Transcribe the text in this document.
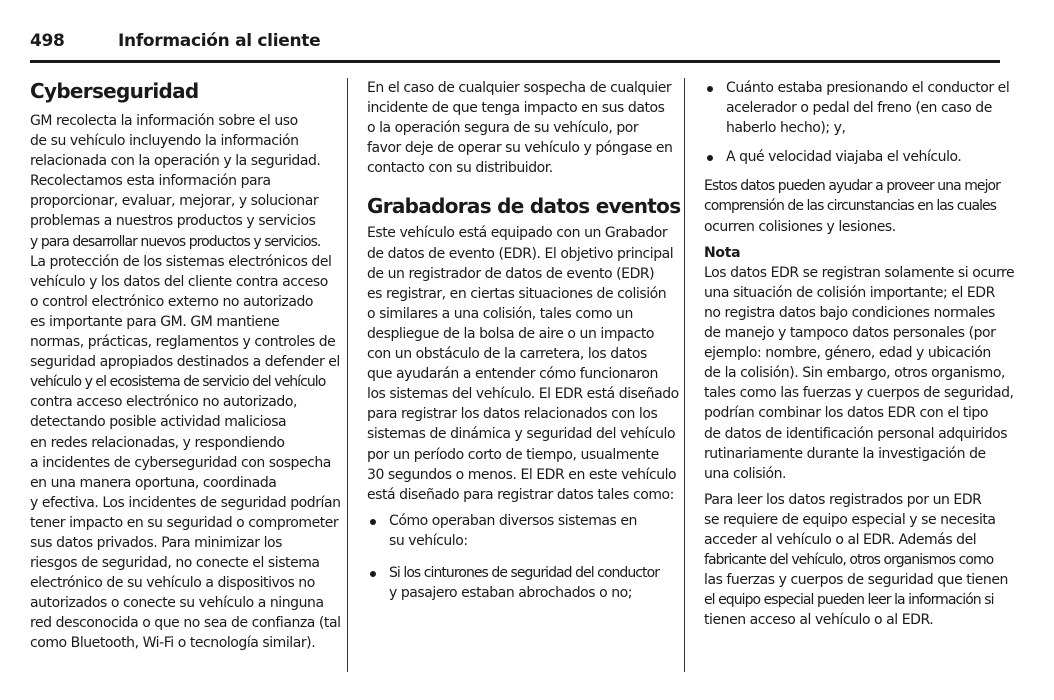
498	Información al cliente
Cyberseguridad
GM recolecta la información sobre el uso
de su vehículo incluyendo la información
relacionada con la operación y la seguridad.
Recolectamos esta información para
proporcionar, evaluar, mejorar, y solucionar
problemas a nuestros productos y servicios
y para desarrollar nuevos productos y servicios.
La protección de los sistemas electrónicos del
vehículo y los datos del cliente contra acceso
o control electrónico externo no autorizado
es importante para GM. GM mantiene
normas, prácticas, reglamentos y controles de
seguridad apropiados destinados a defender el
vehículo y el ecosistema de servicio del vehículo
contra acceso electrónico no autorizado,
detectando posible actividad maliciosa
en redes relacionadas, y respondiendo
a incidentes de cyberseguridad con sospecha
en una manera oportuna, coordinada
y efectiva. Los incidentes de seguridad podrían
tener impacto en su seguridad o comprometer
sus datos privados. Para minimizar los
riesgos de seguridad, no conecte el sistema
electrónico de su vehículo a dispositivos no
autorizados o conecte su vehículo a ninguna
red desconocida o que no sea de confianza (tal
como Bluetooth, Wi-Fi o tecnología similar).
En el caso de cualquier sospecha de cualquier
incidente de que tenga impacto en sus datos
o la operación segura de su vehículo, por
favor deje de operar su vehículo y póngase en
contacto con su distribuidor.
Grabadoras de datos eventos
Este vehículo está equipado con un Grabador
de datos de evento (EDR). El objetivo principal
de un registrador de datos de evento (EDR)
es registrar, en ciertas situaciones de colisión
o similares a una colisión, tales como un
despliegue de la bolsa de aire o un impacto
con un obstáculo de la carretera, los datos
que ayudarán a entender cómo funcionaron
los sistemas del vehículo. El EDR está diseñado
para registrar los datos relacionados con los
sistemas de dinámica y seguridad del vehículo
por un período corto de tiempo, usualmente
30 segundos o menos. El EDR en este vehículo
está diseñado para registrar datos tales como:
Cómo operaban diversos sistemas en
su vehículo:
Si los cinturones de seguridad del conductor
y pasajero estaban abrochados o no;
Cuánto estaba presionando el conductor el
acelerador o pedal del freno (en caso de
haberlo hecho); y,
A qué velocidad viajaba el vehículo.
Estos datos pueden ayudar a proveer una mejor
comprensión de las circunstancias en las cuales
ocurren colisiones y lesiones.
Nota
Los datos EDR se registran solamente si ocurre
una situación de colisión importante; el EDR
no registra datos bajo condiciones normales
de manejo y tampoco datos personales (por
ejemplo: nombre, género, edad y ubicación
de la colisión). Sin embargo, otros organismo,
tales como las fuerzas y cuerpos de seguridad,
podrían combinar los datos EDR con el tipo
de datos de identificación personal adquiridos
rutinariamente durante la investigación de
una colisión.
Para leer los datos registrados por un EDR
se requiere de equipo especial y se necesita
acceder al vehículo o al EDR. Además del
fabricante del vehículo, otros organismos como
las fuerzas y cuerpos de seguridad que tienen
el equipo especial pueden leer la información si
tienen acceso al vehículo o al EDR.
